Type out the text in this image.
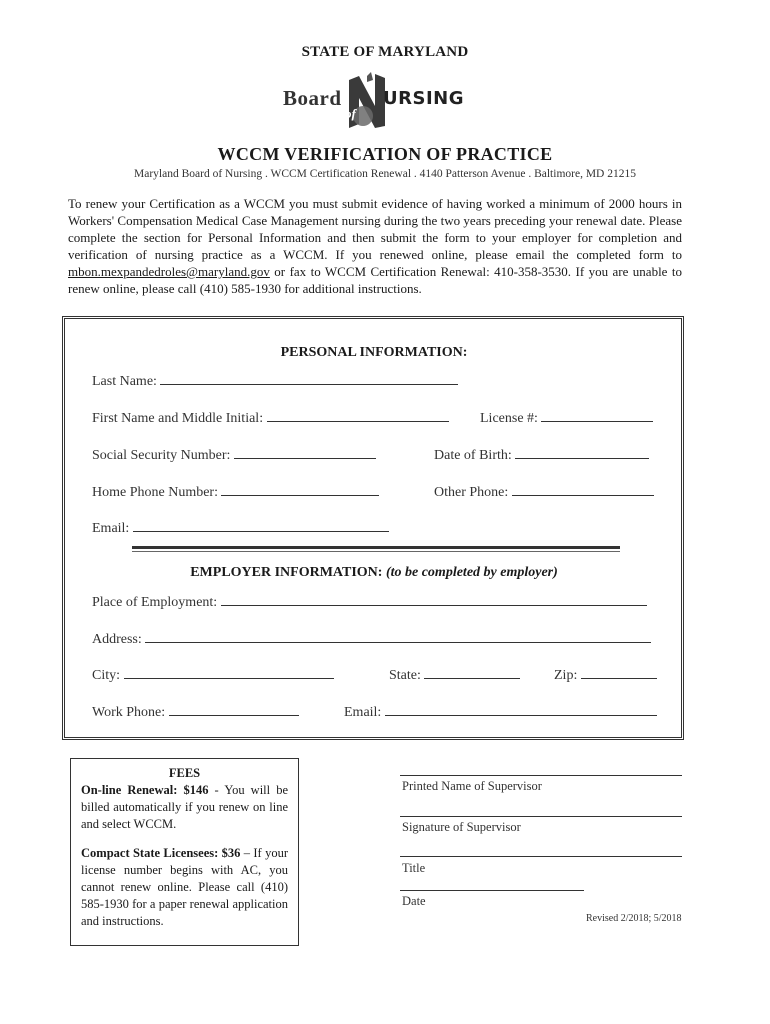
STATE OF MARYLAND
Board
of
URSING
WCCM VERIFICATION OF PRACTICE
Maryland Board of Nursing . WCCM Certification Renewal . 4140 Patterson Avenue . Baltimore, MD 21215
To renew your Certification as a WCCM you must submit evidence of having worked a minimum of 2000 hours in Workers' Compensation Medical Case Management nursing during the two years preceding your renewal date. Please complete the section for Personal Information and then submit the form to your employer for completion and verification of nursing practice as a WCCM. If you renewed online, please email the completed form to mbon.mexpandedroles@maryland.gov or fax to WCCM Certification Renewal: 410-358-3530. If you are unable to renew online, please call (410) 585-1930 for additional instructions.
PERSONAL INFORMATION:
Last Name:
First Name and Middle Initial:	License #:
Social Security Number:	Date of Birth:
Home Phone Number:	Other Phone:
Email:
EMPLOYER INFORMATION: (to be completed by employer)
Place of Employment:
Address:
City:	State:	Zip:
Work Phone:	Email:
FEES
On-line Renewal: $146 - You will be billed automatically if you renew on line and select WCCM.
Compact State Licensees: $36 – If your license number begins with AC, you cannot renew online. Please call (410) 585-1930 for a paper renewal application and instructions.
Printed Name of Supervisor
Signature of Supervisor
Title
Date
Revised 2/2018; 5/2018
